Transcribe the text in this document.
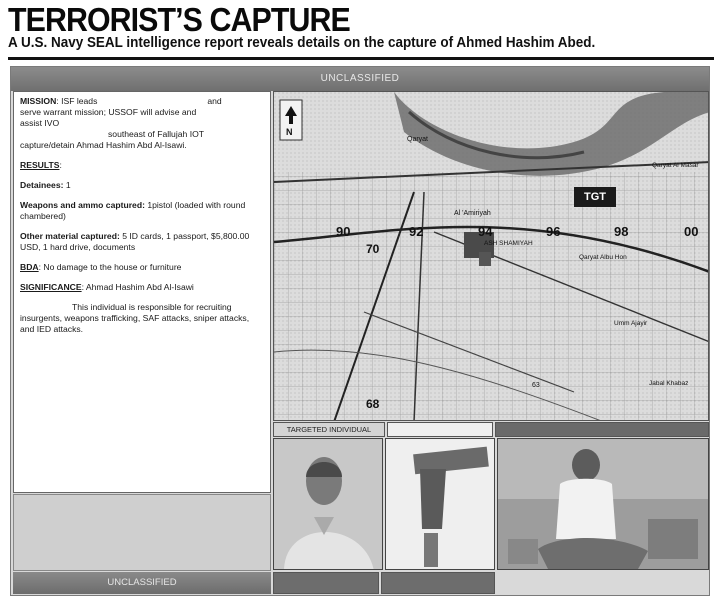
TERRORIST’S CAPTURE
A U.S. Navy SEAL intelligence report reveals details on the capture of Ahmed Hashim Abed.
UNCLASSIFIED

MISSION: ISF leads	and
serve warrant mission; USSOF will advise and
assist IVO

southeast of Fallujah IOT
capture/detain Ahmad Hashim Abd Al-Isawi.

RESULTS:

Detainees: 1

Weapons and ammo captured: 1pistol (loaded with round chambered)

Other material captured: 5 ID cards, 1 passport, $5,800.00 USD, 1 hard drive, documents

BDA: No damage to the house or furniture

SIGNIFICANCE: Ahmad Hashim Abd Al-Isawi

This individual is responsible for recruiting insurgents, weapons trafficking, SAF attacks, sniper attacks, and IED attacks.

UNCLASSIFIED
N
TGT
Qaryat
Al 'Amiriyah
ASH SHAMIYAH
Qaryat Albu Hon
Qaryat Al Masar
Umm Ajayir
Jabal Khabaz
90	92	94	96	98	00
70
68
63
TARGETED INDIVIDUAL
